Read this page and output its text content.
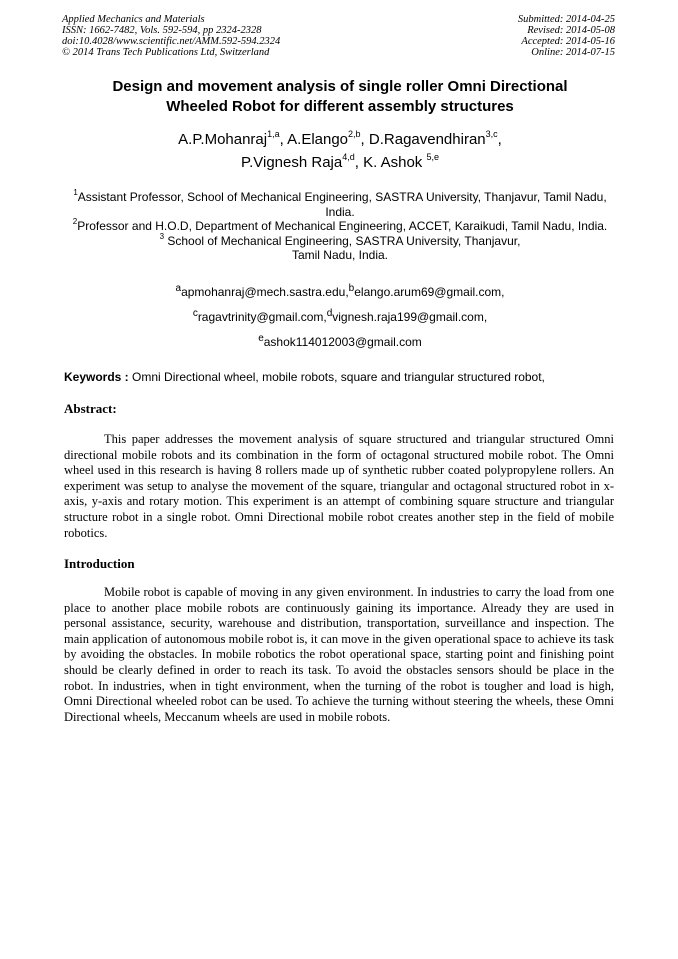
Applied Mechanics and Materials
ISSN: 1662-7482, Vols. 592-594, pp 2324-2328
doi:10.4028/www.scientific.net/AMM.592-594.2324
© 2014 Trans Tech Publications Ltd, Switzerland
Submitted: 2014-04-25
Revised: 2014-05-08
Accepted: 2014-05-16
Online: 2014-07-15
Design and movement analysis of single roller Omni Directional
Wheeled Robot for different assembly structures
A.P.Mohanraj$^{1,a}$, A.Elango$^{2,b}$, D.Ragavendhiran$^{3,c}$,
P.Vignesh Raja$^{4,d}$, K. Ashok $^{5,e}$

$^1$Assistant Professor, School of Mechanical Engineering, SASTRA University, Thanjavur, Tamil Nadu, India.

$^2$Professor and H.O.D, Department of Mechanical Engineering, ACCET, Karaikudi, Tamil Nadu, India.

$^3$ School of Mechanical Engineering, SASTRA University, Thanjavur,
Tamil Nadu, India.

$^a$apmohanraj@mech.sastra.edu,$^b$elango.arum69@gmail.com,

$^c$ragavtrinity@gmail.com,$^d$vignesh.raja199@gmail.com,

$^e$ashok114012003@gmail.com

Keywords : Omni Directional wheel, mobile robots, square and triangular structured robot,

Abstract:

This paper addresses the movement analysis of square structured and triangular structured Omni directional mobile robots and its combination in the form of octagonal structured mobile robot. The Omni wheel used in this research is having 8 rollers made up of synthetic rubber coated polypropylene rollers. An experiment was setup to analyse the movement of the square, triangular and octagonal structured robot in x-axis, y-axis and rotary motion. This experiment is an attempt of combining square structure and triangular structure robot in a single robot. Omni Directional mobile robot creates another step in the field of mobile robotics.

Introduction

Mobile robot is capable of moving in any given environment. In industries to carry the load from one place to another place mobile robots are continuously gaining its importance. Already they are used in personal assistance, security, warehouse and distribution, transportation, surveillance and inspection. The main application of autonomous mobile robot is, it can move in the given operational space to achieve its task by avoiding the obstacles. In mobile robotics the robot operational space, starting point and finishing point should be clearly defined in order to reach its task. To avoid the obstacles sensors should be place in the robot. In industries, when in tight environment, when the turning of the robot is tougher and load is high, Omni Directional wheeled robot can be used. To achieve the turning without steering the wheels, these Omni Directional wheels, Meccanum wheels are used in mobile robots.
